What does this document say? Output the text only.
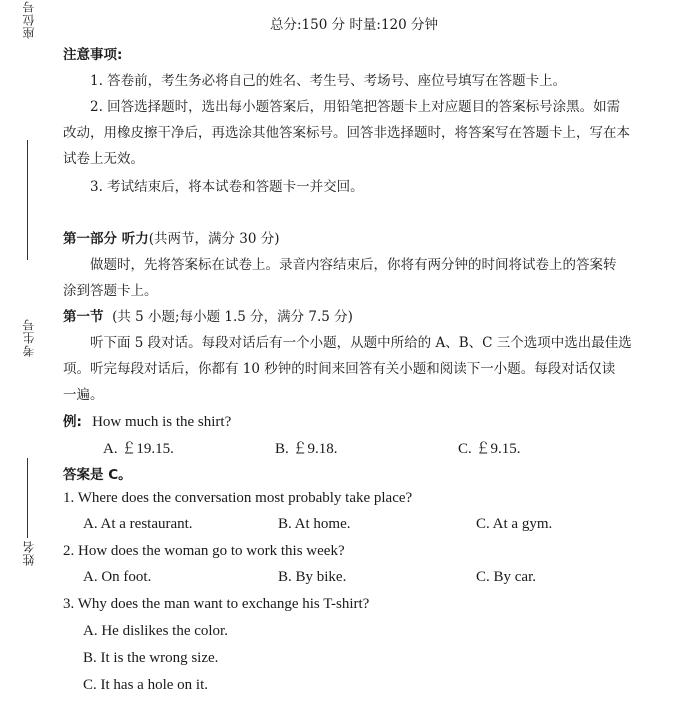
座位号
考生号
姓名
总分:150 分 时量:120 分钟
注意事项:
1. 答卷前，考生务必将自己的姓名、考生号、考场号、座位号填写在答题卡上。
2. 回答选择题时，选出每小题答案后，用铅笔把答题卡上对应题目的答案标号涂黑。如需
改动，用橡皮擦干净后，再选涂其他答案标号。回答非选择题时，将答案写在答题卡上，写在本
试卷上无效。
3. 考试结束后，将本试卷和答题卡一并交回。
第一部分 听力(共两节，满分 30 分)
做题时，先将答案标在试卷上。录音内容结束后，你将有两分钟的时间将试卷上的答案转
涂到答题卡上。
第一节 (共 5 小题;每小题 1.5 分，满分 7.5 分)
听下面 5 段对话。每段对话后有一个小题，从题中所给的 A、B、C 三个选项中选出最佳选
项。听完每段对话后，你都有 10 秒钟的时间来回答有关小题和阅读下一小题。每段对话仅读
一遍。
例: How much is the shirt?
A. ￡19.15.	B. ￡9.18.	C. ￡9.15.
答案是 C。
1. Where does the conversation most probably take place?
A. At a restaurant.	B. At home.	C. At a gym.
2. How does the woman go to work this week?
A. On foot.	B. By bike.	C. By car.
3. Why does the man want to exchange his T-shirt?
A. He dislikes the color.
B. It is the wrong size.
C. It has a hole on it.
